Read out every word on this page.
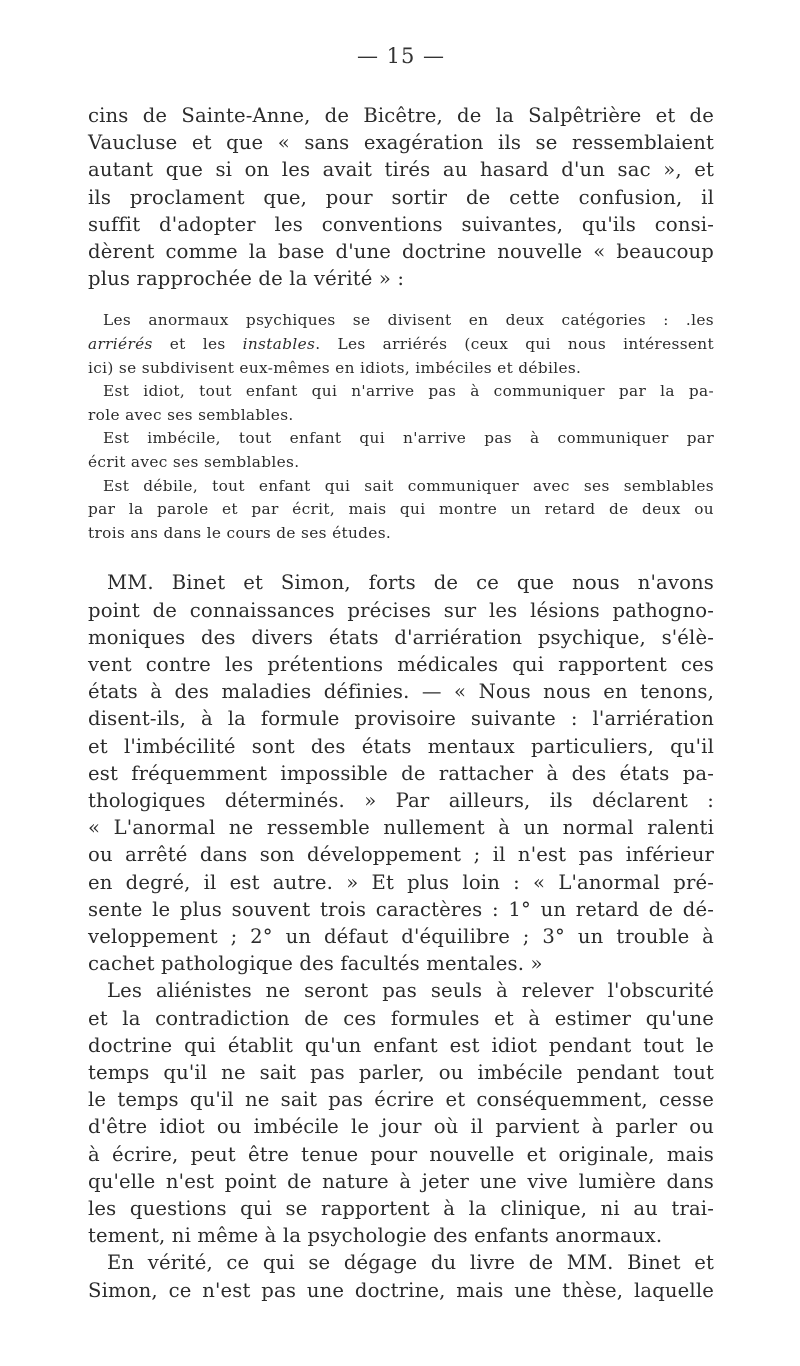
— 15 —
cins de Sainte-Anne, de Bicêtre, de la Salpêtrière et de
Vaucluse et que « sans exagération ils se ressemblaient
autant que si on les avait tirés au hasard d'un sac », et
ils proclament que, pour sortir de cette confusion, il
suffit d'adopter les conventions suivantes, qu'ils consi-
dèrent comme la base d'une doctrine nouvelle « beaucoup
plus rapprochée de la vérité » :
Les anormaux psychiques se divisent en deux catégories : .les
arriérés et les instables. Les arriérés (ceux qui nous intéressent
ici) se subdivisent eux-mêmes en idiots, imbéciles et débiles.
Est idiot, tout enfant qui n'arrive pas à communiquer par la pa-
role avec ses semblables.
Est imbécile, tout enfant qui n'arrive pas à communiquer par
écrit avec ses semblables.
Est débile, tout enfant qui sait communiquer avec ses semblables
par la parole et par écrit, mais qui montre un retard de deux ou
trois ans dans le cours de ses études.
MM. Binet et Simon, forts de ce que nous n'avons
point de connaissances précises sur les lésions pathogno-
moniques des divers états d'arriération psychique, s'élè-
vent contre les prétentions médicales qui rapportent ces
états à des maladies définies. — « Nous nous en tenons,
disent-ils, à la formule provisoire suivante : l'arriération
et l'imbécilité sont des états mentaux particuliers, qu'il
est fréquemment impossible de rattacher à des états pa-
thologiques déterminés. » Par ailleurs, ils déclarent :
« L'anormal ne ressemble nullement à un normal ralenti
ou arrêté dans son développement ; il n'est pas inférieur
en degré, il est autre. » Et plus loin : « L'anormal pré-
sente le plus souvent trois caractères : 1° un retard de dé-
veloppement ; 2° un défaut d'équilibre ; 3° un trouble à
cachet pathologique des facultés mentales. »
Les aliénistes ne seront pas seuls à relever l'obscurité
et la contradiction de ces formules et à estimer qu'une
doctrine qui établit qu'un enfant est idiot pendant tout le
temps qu'il ne sait pas parler, ou imbécile pendant tout
le temps qu'il ne sait pas écrire et conséquemment, cesse
d'être idiot ou imbécile le jour où il parvient à parler ou
à écrire, peut être tenue pour nouvelle et originale, mais
qu'elle n'est point de nature à jeter une vive lumière dans
les questions qui se rapportent à la clinique, ni au trai-
tement, ni même à la psychologie des enfants anormaux.
En vérité, ce qui se dégage du livre de MM. Binet et
Simon, ce n'est pas une doctrine, mais une thèse, laquelle
